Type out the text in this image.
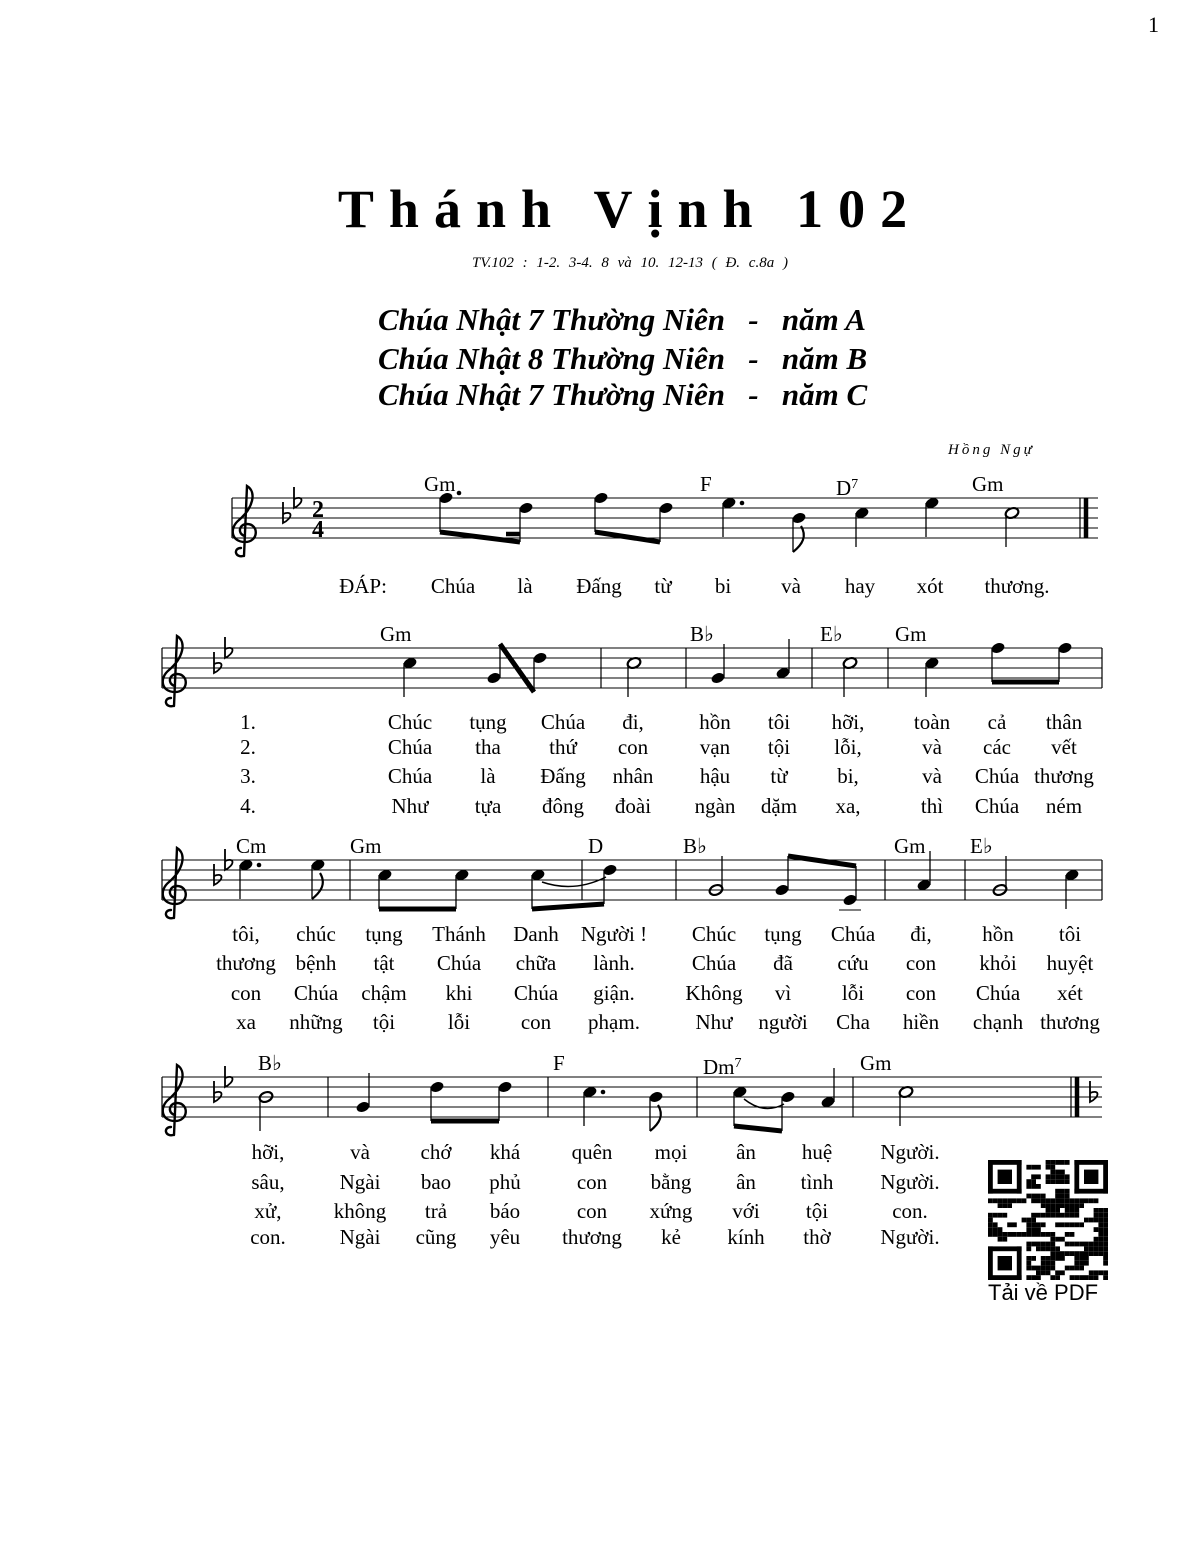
1
Thánh Vịnh 102
TV.102 : 1-2. 3-4. 8 và 10. 12-13 ( Đ. c.8a )
Chúa Nhật 7 Thường Niên   -   năm A
Chúa Nhật 8 Thường Niên   -   năm B
Chúa Nhật 7 Thường Niên   -   năm C
Hồng Ngự
2
4
Gm	F	$D^7$	Gm
ĐÁP: Chúa là Đấng từ bi và hay xót thương.
Gm	B♭	E♭ Gm
1.	Chúc tụng Chúa đi,	hồn tôi hỡi, toàn cả thân
2.	Chúa tha thứ con vạn tội lỗi,	và các vết
3.	Chúa là Đấng nhân hậu từ bi,	và Chúa thương
4.	Như tựa đông đoài ngàn dặm xa,	thì Chúa ném
Cm	Gm	D	B♭	Gm E♭
tôi, chúc tụng Thánh Danh Người ! Chúc tụng Chúa đi, hồn tôi
thương bệnh tật Chúa chữa lành.	Chúa đã cứu con khỏi huyệt
con Chúa chậm khi Chúa giận. Không vì lỗi con Chúa xét
xa những tội	lỗi con phạm.	Như người Cha hiền chạnh thương
B♭	F	Dm$^7$	Gm
hỡi,	và chớ khá quên mọi ân huệ Người.
sâu,	Ngài bao phủ	con bằng ân tình Người.
xử, không trả báo	con xứng với tội	con.
con.	Ngài cũng yêu thương kẻ kính thờ Người.
Tải về PDF
